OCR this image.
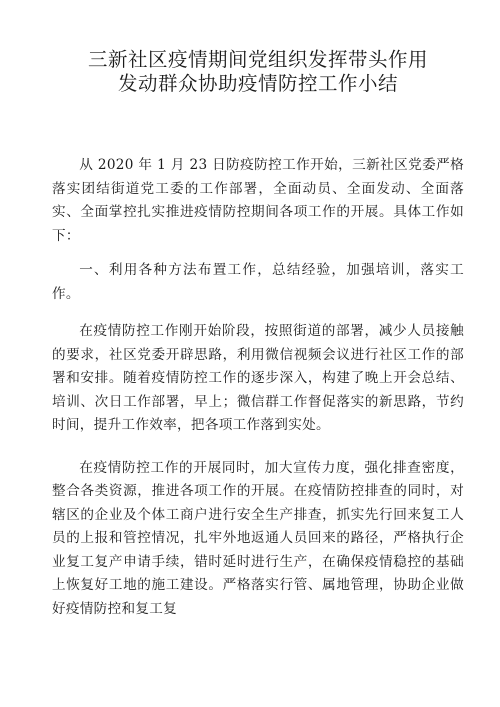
三新社区疫情期间党组织发挥带头作用
发动群众协助疫情防控工作小结

从 2020 年 1 月 23 日防疫防控工作开始，三新社区党委严格落实团结街道党工委的工作部署，全面动员、全面发动、全面落实、全面掌控扎实推进疫情防控期间各项工作的开展。具体工作如下：

一、利用各种方法布置工作，总结经验，加强培训，落实工作。

在疫情防控工作刚开始阶段，按照街道的部署，减少人员接触的要求，社区党委开辟思路，利用微信视频会议进行社区工作的部署和安排。随着疫情防控工作的逐步深入，构建了晚上开会总结、培训、次日工作部署，早上；微信群工作督促落实的新思路，节约时间，提升工作效率，把各项工作落到实处。

在疫情防控工作的开展同时，加大宣传力度，强化排查密度，整合各类资源，推进各项工作的开展。在疫情防控排查的同时，对辖区的企业及个体工商户进行安全生产排查，抓实先行回来复工人员的上报和管控情况，扎牢外地返通人员回来的路径，严格执行企业复工复产申请手续，错时延时进行生产，在确保疫情稳控的基础上恢复好工地的施工建设。严格落实行管、属地管理，协助企业做好疫情防控和复工复
